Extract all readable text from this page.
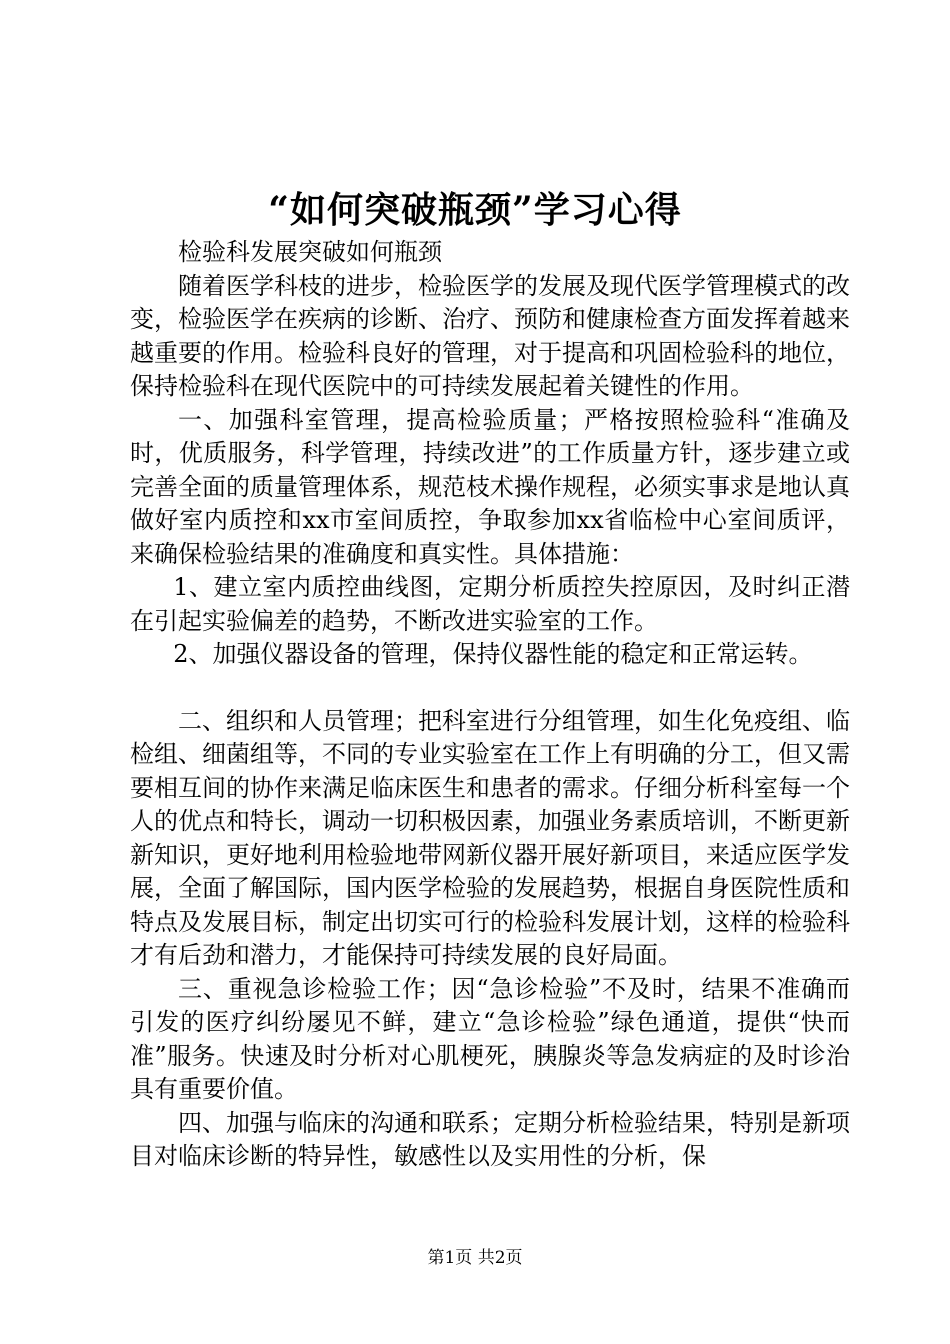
“如何突破瓶颈”学习心得

检验科发展突破如何瓶颈

随着医学科枝的进步，检验医学的发展及现代医学管理模式的改变，检验医学在疾病的诊断、治疗、预防和健康检查方面发挥着越来越重要的作用。检验科良好的管理，对于提高和巩固检验科的地位，保持检验科在现代医院中的可持续发展起着关键性的作用。

一、加强科室管理，提高检验质量；严格按照检验科“准确及时，优质服务，科学管理，持续改进”的工作质量方针，逐步建立或完善全面的质量管理体系，规范枝术操作规程，必须实事求是地认真做好室内质控和xx市室间质控，争取参加xx省临检中心室间质评，来确保检验结果的准确度和真实性。具体措施：

1、建立室内质控曲线图，定期分析质控失控原因，及时纠正潜在引起实验偏差的趋势，不断改进实验室的工作。

2、加强仪器设备的管理，保持仪器性能的稳定和正常运转。

二、组织和人员管理；把科室进行分组管理，如生化免疫组、临检组、细菌组等，不同的专业实验室在工作上有明确的分工，但又需要相互间的协作来满足临床医生和患者的需求。仔细分析科室每一个人的优点和特长，调动一切积极因素，加强业务素质培训，不断更新新知识，更好地利用检验地带网新仪器开展好新项目，来适应医学发展，全面了解国际，国内医学检验的发展趋势，根据自身医院性质和特点及发展目标，制定出切实可行的检验科发展计划，这样的检验科才有后劲和潜力，才能保持可持续发展的良好局面。

三、重视急诊检验工作；因“急诊检验”不及时，结果不准确而引发的医疗纠纷屡见不鲜，建立“急诊检验”绿色通道，提供“快而准”服务。快速及时分析对心肌梗死，胰腺炎等急发病症的及时诊治具有重要价值。

四、加强与临床的沟通和联系；定期分析检验结果，特别是新项目对临床诊断的特异性，敏感性以及实用性的分析，保

第1页 共2页
